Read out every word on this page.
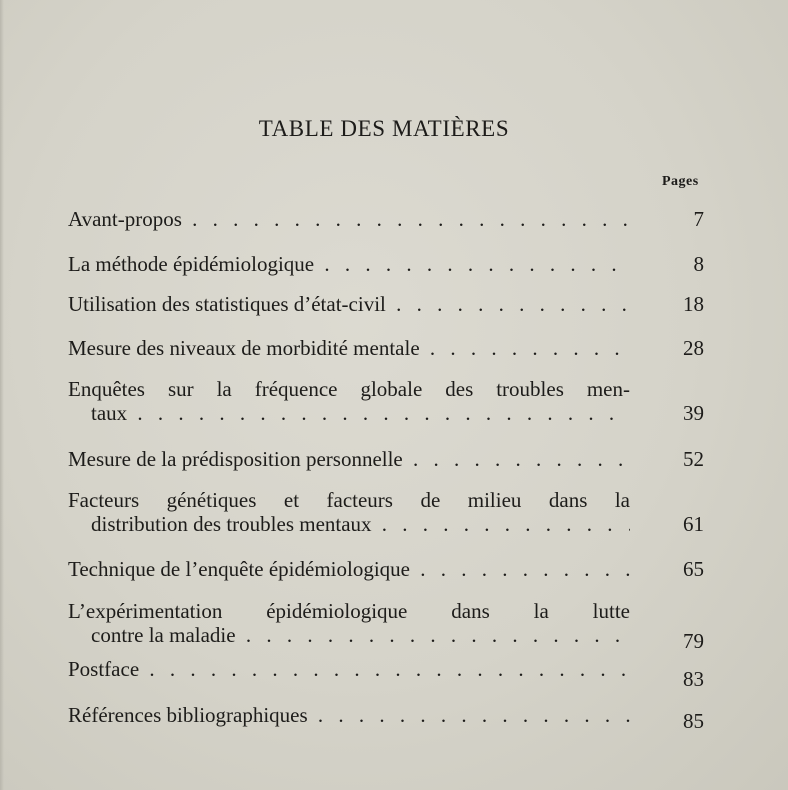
TABLE DES MATIÈRES
Pages
Avant-propos . . .	7
La méthode épidémiologique . . .	8
Utilisation des statistiques d’état-civil . . .	18
Mesure des niveaux de morbidité mentale . . .	28
Enquêtes sur la fréquence globale des troubles men-
taux . . .	39
Mesure de la prédisposition personnelle . . .	52
Facteurs génétiques et facteurs de milieu dans la
distribution des troubles mentaux . . .	61
Technique de l’enquête épidémiologique . . .	65
L’expérimentation épidémiologique dans la lutte
contre la maladie . . .	79
Postface . . .	83
Références bibliographiques . . .	85
